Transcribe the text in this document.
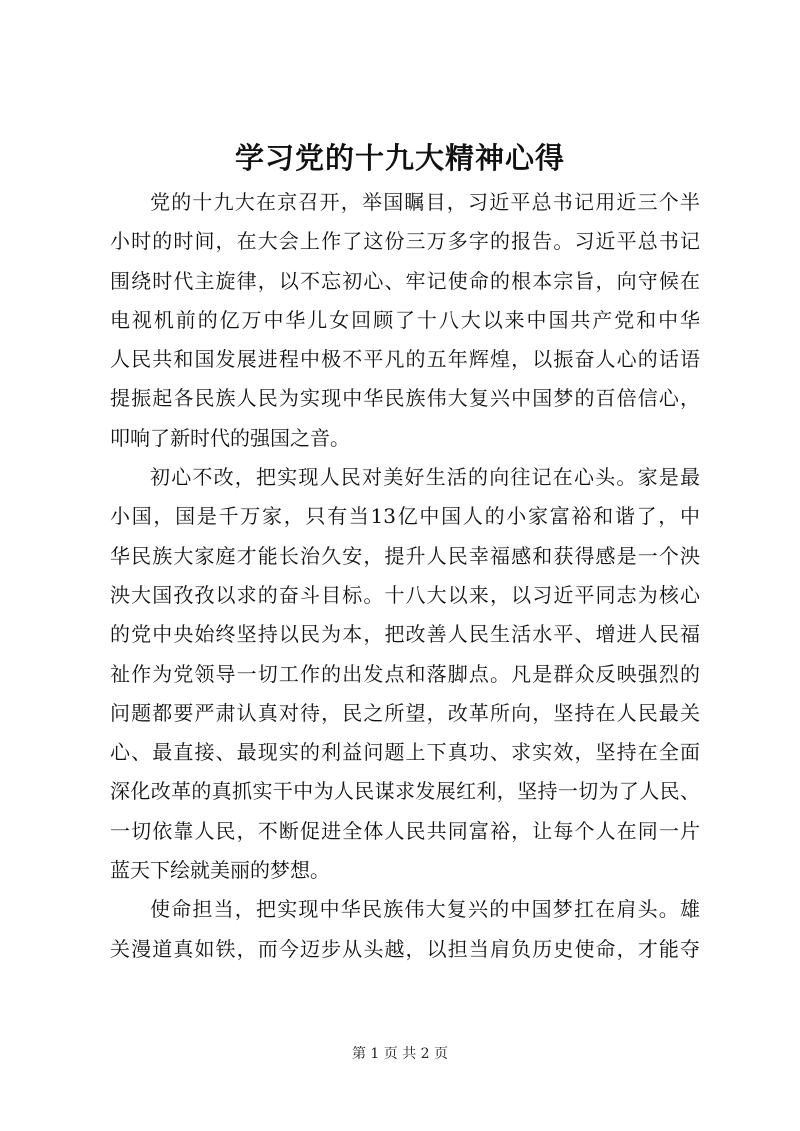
学习党的十九大精神心得

党的十九大在京召开，举国瞩目，习近平总书记用近三个半
小时的时间，在大会上作了这份三万多字的报告。习近平总书记
围绕时代主旋律，以不忘初心、牢记使命的根本宗旨，向守候在
电视机前的亿万中华儿女回顾了十八大以来中国共产党和中华
人民共和国发展进程中极不平凡的五年辉煌，以振奋人心的话语
提振起各民族人民为实现中华民族伟大复兴中国梦的百倍信心，
叩响了新时代的强国之音。

初心不改，把实现人民对美好生活的向往记在心头。家是最
小国，国是千万家，只有当13亿中国人的小家富裕和谐了，中
华民族大家庭才能长治久安，提升人民幸福感和获得感是一个泱
泱大国孜孜以求的奋斗目标。十八大以来，以习近平同志为核心
的党中央始终坚持以民为本，把改善人民生活水平、增进人民福
祉作为党领导一切工作的出发点和落脚点。凡是群众反映强烈的
问题都要严肃认真对待，民之所望，改革所向，坚持在人民最关
心、最直接、最现实的利益问题上下真功、求实效，坚持在全面
深化改革的真抓实干中为人民谋求发展红利，坚持一切为了人民、
一切依靠人民，不断促进全体人民共同富裕，让每个人在同一片
蓝天下绘就美丽的梦想。

使命担当，把实现中华民族伟大复兴的中国梦扛在肩头。雄
关漫道真如铁，而今迈步从头越，以担当肩负历史使命，才能夺

第 1 页 共 2 页
